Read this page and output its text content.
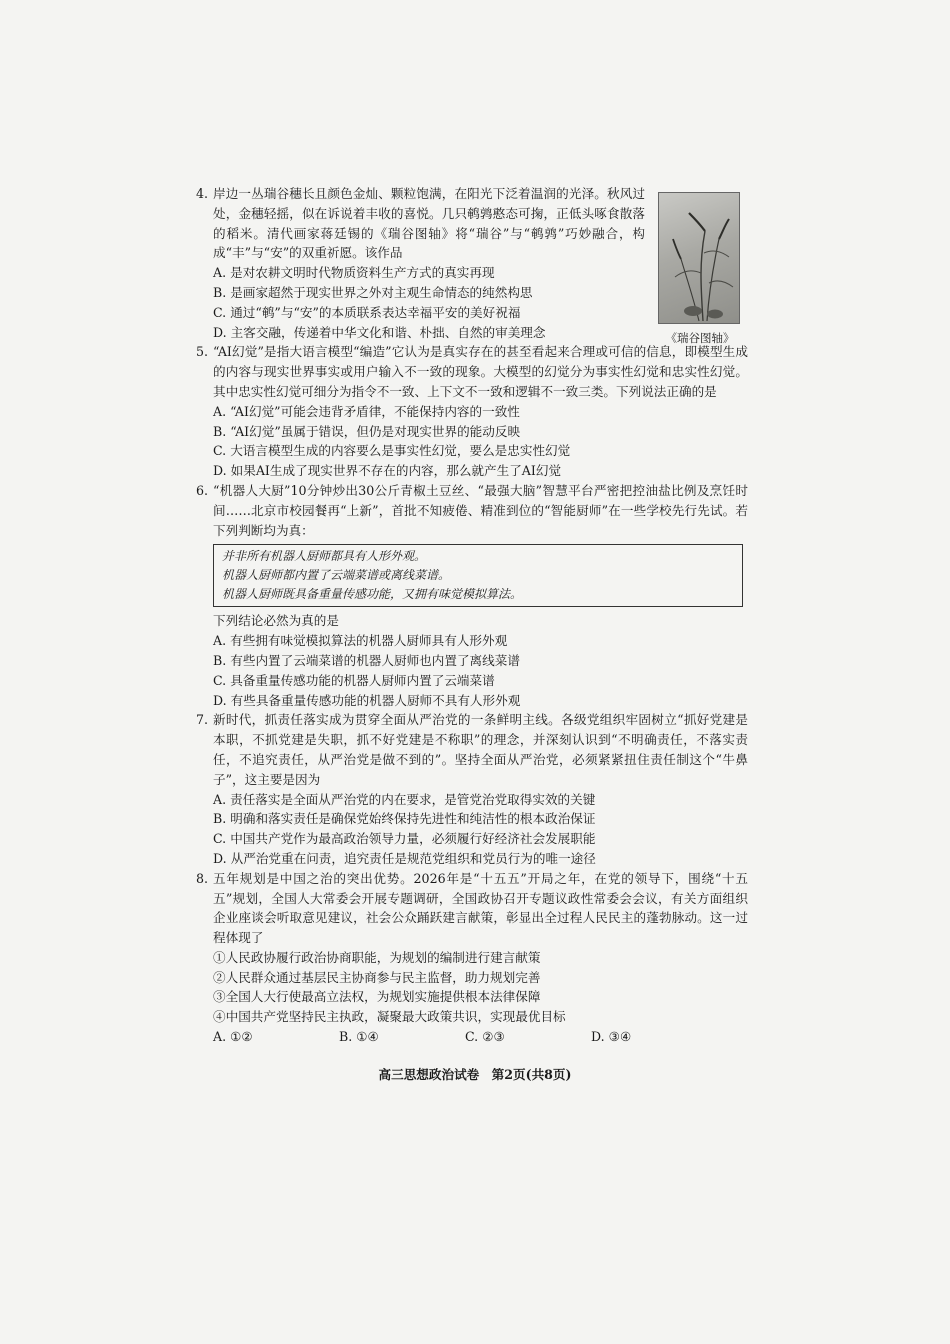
4. 岸边一丛瑞谷穗长且颜色金灿、颗粒饱满，在阳光下泛着温润的光泽。秋风过处，金穗轻摇，似在诉说着丰收的喜悦。几只鹌鹑憨态可掬，正低头啄食散落的稻米。清代画家蒋廷锡的《瑞谷图轴》将“瑞谷”与“鹌鹑”巧妙融合，构成“丰”与“安”的双重祈愿。该作品
A. 是对农耕文明时代物质资料生产方式的真实再现
B. 是画家超然于现实世界之外对主观生命情态的纯然构思
C. 通过“鹌”与“安”的本质联系表达幸福平安的美好祝福
D. 主客交融，传递着中华文化和谐、朴拙、自然的审美理念	《瑞谷图轴》
5. “AI幻觉”是指大语言模型“编造”它认为是真实存在的甚至看起来合理或可信的信息，即模型生成的内容与现实世界事实或用户输入不一致的现象。大模型的幻觉分为事实性幻觉和忠实性幻觉。其中忠实性幻觉可细分为指令不一致、上下文不一致和逻辑不一致三类。下列说法正确的是
A. “AI幻觉”可能会违背矛盾律，不能保持内容的一致性
B. “AI幻觉”虽属于错误，但仍是对现实世界的能动反映
C. 大语言模型生成的内容要么是事实性幻觉，要么是忠实性幻觉
D. 如果AI生成了现实世界不存在的内容，那么就产生了AI幻觉
6. “机器人大厨”10分钟炒出30公斤青椒土豆丝、“最强大脑”智慧平台严密把控油盐比例及烹饪时间……北京市校园餐再“上新”，首批不知疲倦、精准到位的“智能厨师”在一些学校先行先试。若下列判断均为真：
并非所有机器人厨师都具有人形外观。
机器人厨师都内置了云端菜谱或离线菜谱。
机器人厨师既具备重量传感功能，又拥有味觉模拟算法。
下列结论必然为真的是
A. 有些拥有味觉模拟算法的机器人厨师具有人形外观
B. 有些内置了云端菜谱的机器人厨师也内置了离线菜谱
C. 具备重量传感功能的机器人厨师内置了云端菜谱
D. 有些具备重量传感功能的机器人厨师不具有人形外观
7. 新时代，抓责任落实成为贯穿全面从严治党的一条鲜明主线。各级党组织牢固树立“抓好党建是本职，不抓党建是失职，抓不好党建是不称职”的理念，并深刻认识到“不明确责任，不落实责任，不追究责任，从严治党是做不到的”。坚持全面从严治党，必须紧紧扭住责任制这个“牛鼻子”，这主要是因为
A. 责任落实是全面从严治党的内在要求，是管党治党取得实效的关键
B. 明确和落实责任是确保党始终保持先进性和纯洁性的根本政治保证
C. 中国共产党作为最高政治领导力量，必须履行好经济社会发展职能
D. 从严治党重在问责，追究责任是规范党组织和党员行为的唯一途径
8. 五年规划是中国之治的突出优势。2026年是“十五五”开局之年，在党的领导下，围绕“十五五”规划，全国人大常委会开展专题调研，全国政协召开专题议政性常委会会议，有关方面组织企业座谈会听取意见建议，社会公众踊跃建言献策，彰显出全过程人民民主的蓬勃脉动。这一过程体现了
①人民政协履行政治协商职能，为规划的编制进行建言献策
②人民群众通过基层民主协商参与民主监督，助力规划完善
③全国人大行使最高立法权，为规划实施提供根本法律保障
④中国共产党坚持民主执政，凝聚最大政策共识，实现最优目标
A. ①②	B. ①④	C. ②③	D. ③④
高三思想政治试卷 第2页(共8页)
